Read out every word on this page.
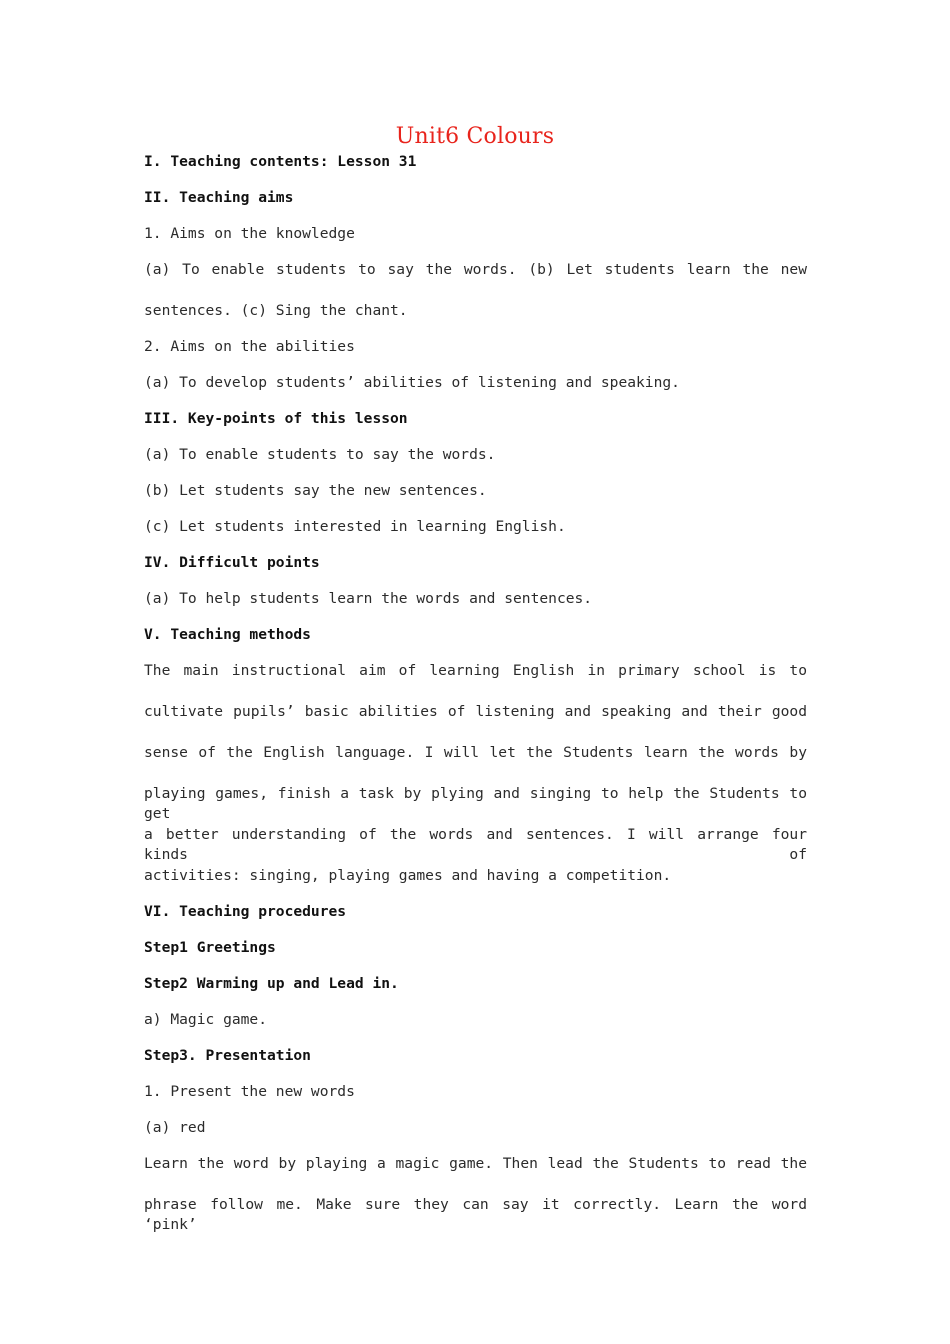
Unit6 Colours
I. Teaching contents: Lesson 31
II. Teaching aims
1. Aims on the knowledge
(a) To enable students to say the words. (b) Let students learn the new
sentences. (c) Sing the chant.
2. Aims on the abilities
(a) To develop students’ abilities of listening and speaking.
III. Key-points of this lesson
(a) To enable students to say the words.
(b) Let students say the new sentences.
(c) Let students interested in learning English.
IV. Difficult points
(a) To help students learn the words and sentences.
V. Teaching methods
The main instructional aim of learning English in primary school is to
cultivate pupils’ basic abilities of listening and speaking and their good
sense of the English language. I will let the Students learn the words by
playing games, finish a task by plying and singing to help the Students to get
a better understanding of the words and sentences. I will arrange four kinds of
activities: singing, playing games and having a competition.
VI. Teaching procedures
Step1 Greetings
Step2 Warming up and Lead in.
a) Magic game.
Step3. Presentation
1. Present the new words
(a) red
Learn the word by playing a magic game. Then lead the Students to read the
phrase follow me. Make sure they can say it correctly. Learn the word ‘pink’
